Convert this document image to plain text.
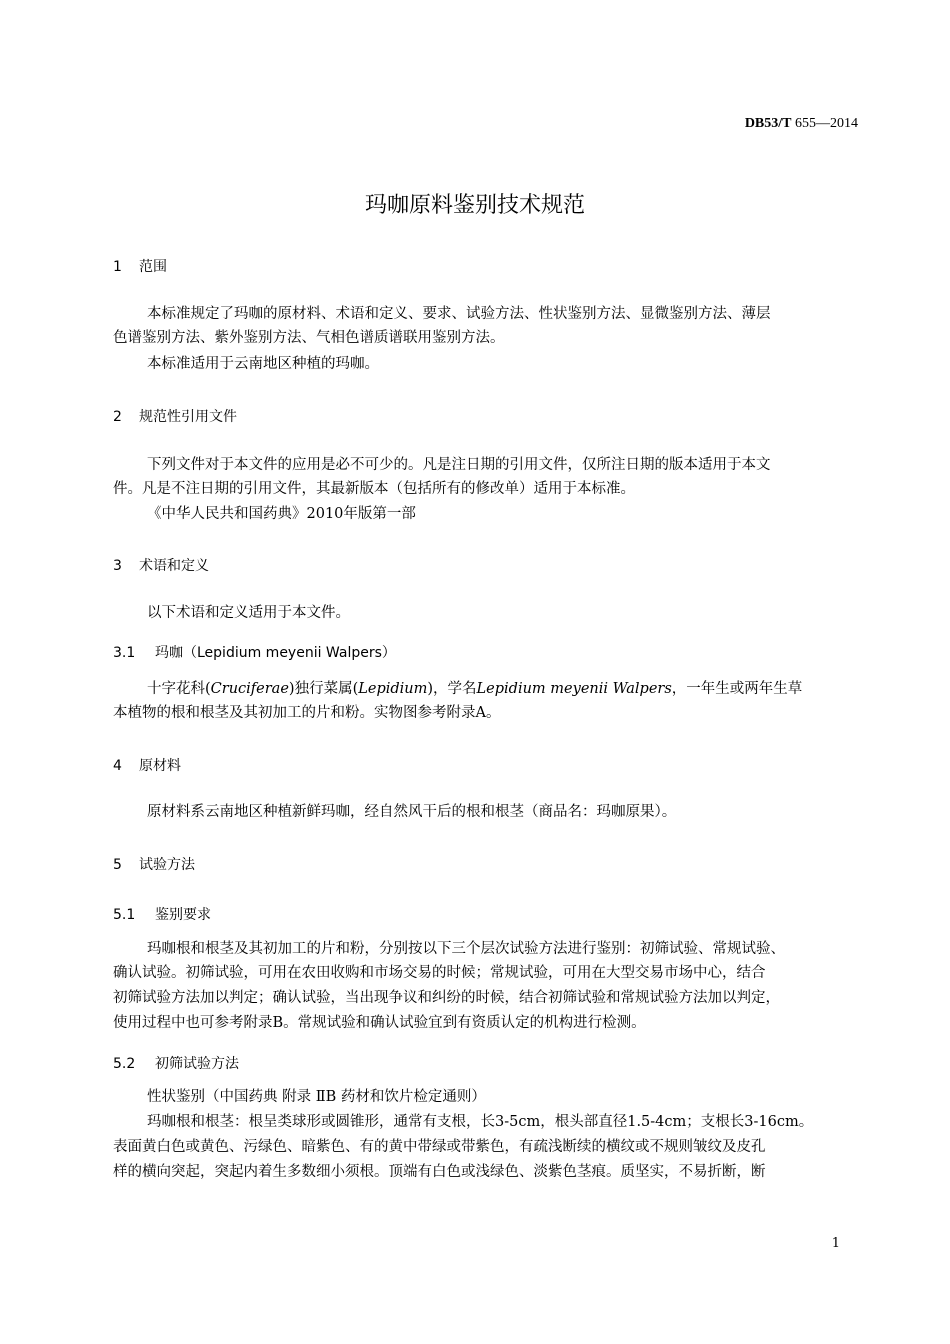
DB53/T 655—2014
玛咖原料鉴别技术规范
1 范围
本标准规定了玛咖的原材料、术语和定义、要求、试验方法、性状鉴别方法、显微鉴别方法、薄层
色谱鉴别方法、紫外鉴别方法、气相色谱质谱联用鉴别方法。
本标准适用于云南地区种植的玛咖。
2 规范性引用文件
下列文件对于本文件的应用是必不可少的。凡是注日期的引用文件，仅所注日期的版本适用于本文
件。凡是不注日期的引用文件，其最新版本（包括所有的修改单）适用于本标准。
《中华人民共和国药典》2010年版第一部
3 术语和定义
以下术语和定义适用于本文件。
3.1 玛咖（Lepidium meyenii Walpers）
十字花科(Cruciferae)独行菜属(Lepidium)，学名Lepidium meyenii Walpers，一年生或两年生草
本植物的根和根茎及其初加工的片和粉。实物图参考附录A。
4 原材料
原材料系云南地区种植新鲜玛咖，经自然风干后的根和根茎（商品名：玛咖原果）。
5 试验方法
5.1 鉴别要求
玛咖根和根茎及其初加工的片和粉，分别按以下三个层次试验方法进行鉴别：初筛试验、常规试验、
确认试验。初筛试验，可用在农田收购和市场交易的时候；常规试验，可用在大型交易市场中心，结合
初筛试验方法加以判定；确认试验，当出现争议和纠纷的时候，结合初筛试验和常规试验方法加以判定，
使用过程中也可参考附录B。常规试验和确认试验宜到有资质认定的机构进行检测。
5.2 初筛试验方法
性状鉴别（中国药典 附录 ⅡB 药材和饮片检定通则）
玛咖根和根茎：根呈类球形或圆锥形，通常有支根，长3-5cm，根头部直径1.5-4cm；支根长3-16cm。
表面黄白色或黄色、污绿色、暗紫色、有的黄中带绿或带紫色，有疏浅断续的横纹或不规则皱纹及皮孔
样的横向突起，突起内着生多数细小须根。顶端有白色或浅绿色、淡紫色茎痕。质坚实，不易折断，断
1
